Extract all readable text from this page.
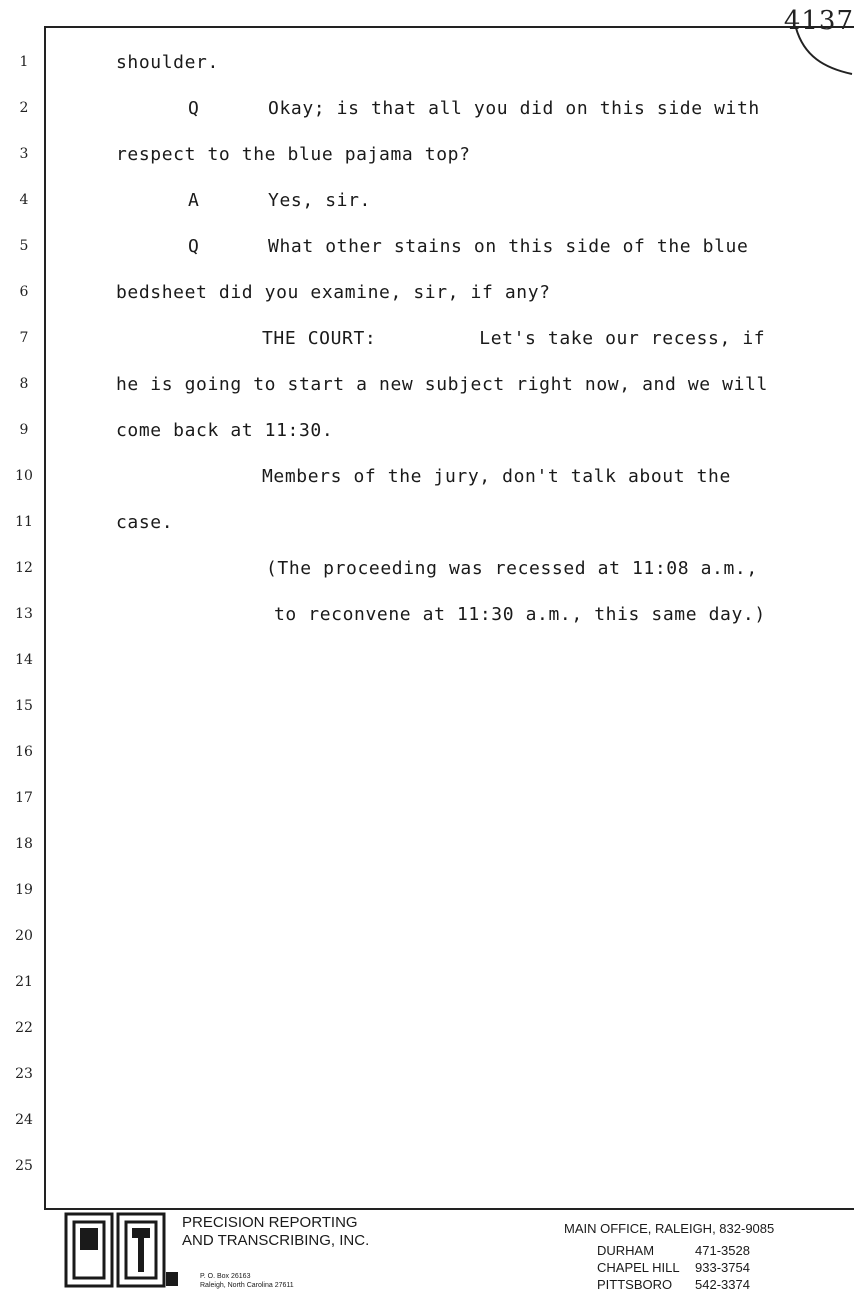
4137
1
2
3
4
5
6
7
8
9
10
11
12
13
14
15
16
17
18
19
20
21
22
23
24
25
shoulder.
Q      Okay; is that all you did on this side with
respect to the blue pajama top?
A      Yes, sir.
Q      What other stains on this side of the blue
bedsheet did you examine, sir, if any?
THE COURT:         Let's take our recess, if
he is going to start a new subject right now, and we will
come back at 11:30.
Members of the jury, don't talk about the
case.
(The proceeding was recessed at 11:08 a.m.,
to reconvene at 11:30 a.m., this same day.)
PRECISION REPORTING
AND TRANSCRIBING, INC.
P. O. Box 26163
Raleigh, North Carolina 27611
MAIN OFFICE, RALEIGH, 832-9085
DURHAM	471-3528
CHAPEL HILL 933-3754
PITTSBORO 542-3374
